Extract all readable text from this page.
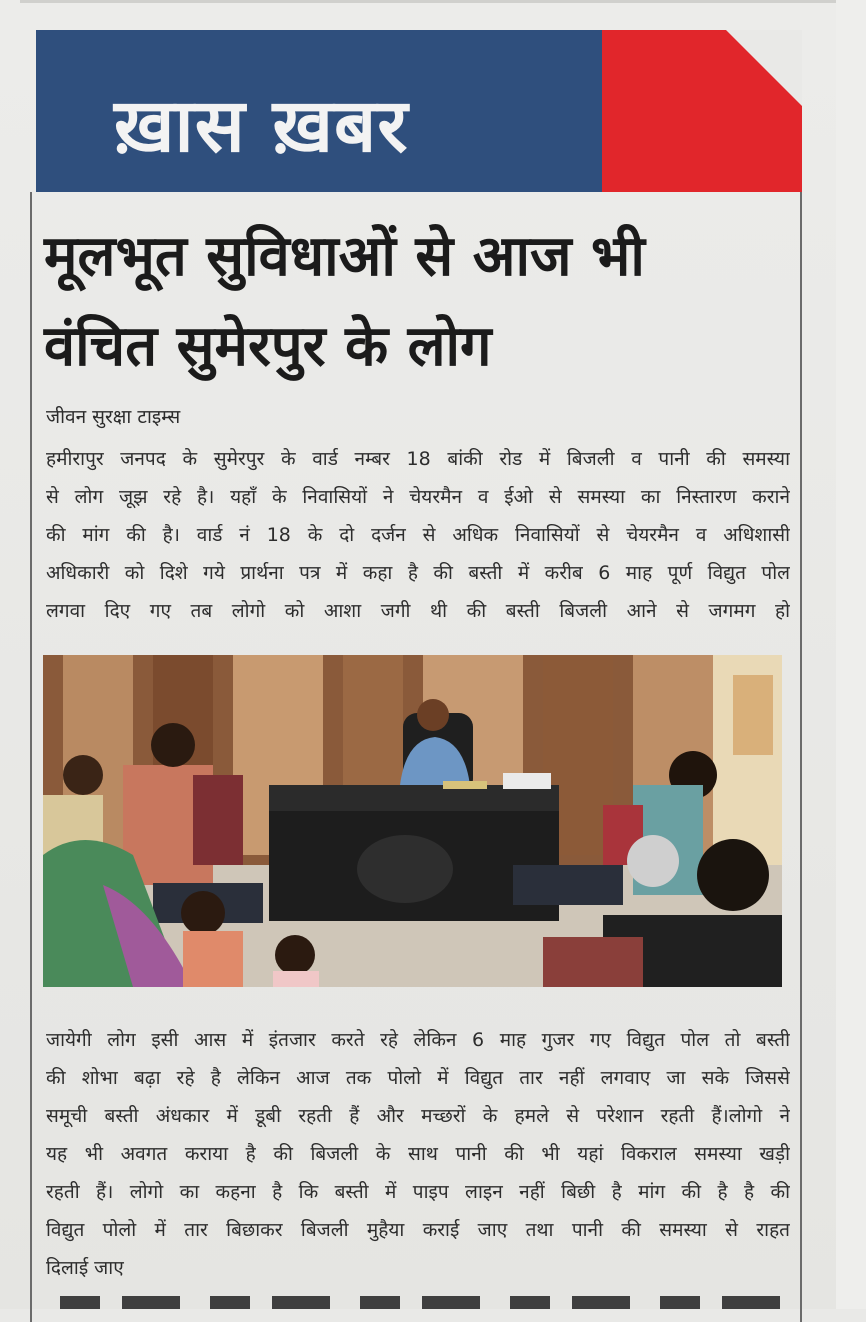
ख़ास ख़बर
मूलभूत सुविधाओं से आज भी
वंचित सुमेरपुर के लोग
जीवन सुरक्षा टाइम्स
हमीरापुर जनपद के सुमेरपुर के वार्ड नम्बर 18 बांकी रोड में बिजली व पानी की समस्या
से लोग जूझ रहे है। यहाँ के निवासियों ने चेयरमैन व ईओ से समस्या का निस्तारण कराने
की मांग की है। वार्ड नं 18 के दो दर्जन से अधिक निवासियों से चेयरमैन व अधिशासी
अधिकारी को दिशे गये प्रार्थना पत्र में कहा है की बस्ती में करीब 6 माह पूर्ण विद्युत पोल
लगवा दिए गए तब लोगो को आशा जगी थी की बस्ती बिजली आने से जगमग हो
जायेगी लोग इसी आस में इंतजार करते रहे लेकिन 6 माह गुजर गए विद्युत पोल तो बस्ती
की शोभा बढ़ा रहे है लेकिन आज तक पोलो में विद्युत तार नहीं लगवाए जा सके जिससे
समूची बस्ती अंधकार में डूबी रहती हैं और मच्छरों के हमले से परेशान रहती हैं।लोगो ने
यह भी अवगत कराया है की बिजली के साथ पानी की भी यहां विकराल समस्या खड़ी
रहती हैं। लोगो का कहना है कि बस्ती में पाइप लाइन नहीं बिछी है मांग की है है की
विद्युत पोलो में तार बिछाकर बिजली मुहैया कराई जाए तथा पानी की समस्या से राहत
दिलाई जाए
